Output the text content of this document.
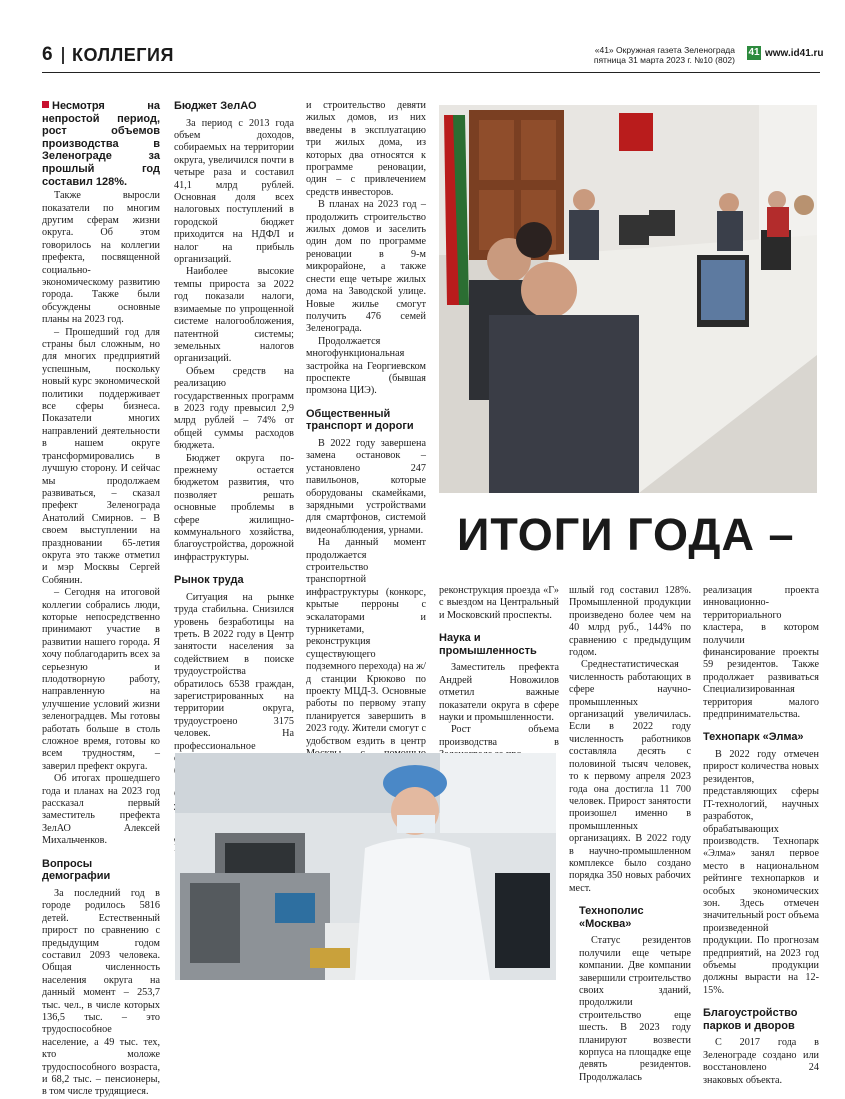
6 КОЛЛЕГИЯ	«41» Окружная газета Зеленограда
пятница 31 марта 2023 г. №10 (802)
41 www.id41.ru
Несмотря на непростой период, рост объемов производства в Зеленограде за прошлый год составил 128%.

Также выросли показатели по многим другим сферам жизни округа. Об этом говорилось на коллегии префекта, посвященной социально-экономическому развитию города. Также были обсуждены основные планы на 2023 год.

– Прошедший год для страны был сложным, но для многих предприятий успешным, поскольку новый курс экономической политики поддерживает все сферы бизнеса. Показатели многих направлений деятельности в нашем округе трансформировались в лучшую сторону. И сейчас мы продолжаем развиваться, – сказал префект Зеленограда Анатолий Смирнов. – В своем выступлении на праздновании 65-летия округа это также отметил и мэр Москвы Сергей Собянин.

– Сегодня на итоговой коллегии собрались люди, которые непосредственно принимают участие в развитии нашего города. Я хочу поблагодарить всех за серьезную и плодотворную работу, направленную на улучшение условий жизни зеленоградцев. Мы готовы работать больше в столь сложное время, готовы ко всем трудностям, – заверил префект округа.

Об итогах прошедшего года и планах на 2023 год рассказал первый заместитель префекта ЗелАО Алексей Михальченков.

Вопросы демографии

За последний год в городе родилось 5816 детей. Естественный прирост по сравнению с предыдущим годом составил 2093 человека. Общая численность населения округа на данный момент – 253,7 тыс. чел., в числе которых 136,5 тыс. – это трудоспособное население, а 49 тыс. тех, кто моложе трудоспособного возраста, и 68,2 тыс. – пенсионеры, в том числе трудящиеся.

Бюджет ЗелАО

За период с 2013 года объем доходов, собираемых на территории округа, увеличился почти в четыре раза и составил 41,1 млрд рублей. Основная доля всех налоговых поступлений в городской бюджет приходится на НДФЛ и налог на прибыль организаций.

Наиболее высокие темпы прироста за 2022 год показали налоги, взимаемые по упрощенной системе налогообложения, патентной системы; земельных налогов организаций.

Объем средств на реализацию государственных программ в 2023 году превысил 2,9 млрд рублей – 74% от общей суммы расходов бюджета.

Бюджет округа по-прежнему остается бюджетом развития, что позволяет решать основные проблемы в сфере жилищно-коммунального хозяйства, благоустройства, дорожной инфраструктуры.

Рынок труда

Ситуация на рынке труда стабильна. Снизился уровень безработицы на треть. В 2022 году в Центр занятости населения за содействием в поиске трудоустройства обратилось 6538 граждан, зарегистрированных на территории округа, трудоустроено 3175 человек. На профессиональное

и строительство девяти жилых домов, из них введены в эксплуатацию три жилых дома, из которых два относятся к программе реновации, один – с привлечением средств инвесторов.

В планах на 2023 год – продолжить строительство жилых домов и заселить один дом по программе реновации в 9-м микрорайоне, а также снести еще четыре жилых дома на Заводской улице. Новые жилье смогут получить 476 семей Зеленограда.

Продолжается многофункциональная застройка на Георгиевском проспекте (бывшая промзона ЦИЭ).

Общественный транспорт и дороги

В 2022 году завершена замена остановок – установлено 247 павильонов, которые оборудованы скамейками, зарядными устройствами для смартфонов, системой видеонаблюдения, урнами.

На данный момент продолжается строительство транспортной инфраструктуры (конкорс, крытые перроны с эскалаторами и турникетами, реконструкция существующего подземного перехода) на ж/д станции Крюково по проекту МЦД-3. Основные работы по первому этапу планируется завершить в 2023 году. Жители смогут с удобством ездить в центр

ИТОГИ ГОДА –

реконструкция проезда «Г» с выездом на Центральный и Московский проспекты.

Наука и промышленность

Заместитель префекта Андрей Новожилов отметил важные показатели округа в сфере науки и промышленности.

Рост объема производства в

шлый год составил 128%. Промышленной продукции произведено более чем на 40 млрд руб., 144% по сравнению с предыдущим годом.

Среднестатистическая численность работающих в сфере научно-промышленных организаций увеличилась. Если в 2022 году численность работников составляла десять с половиной тысяч человек, то к первому апреля 2023 года она достигла 11 700 человек. Прирост занятости произошел именно в промышленных организациях. В 2022 году в научно-промышленном комплексе было создано порядка 350 новых рабочих мест.

Технополис «Москва»

Статус резидентов получили еще четыре компании. Две компании завершили строительство своих зданий, продолжили строительство еще шесть. В 2023 году планируют возвести корпуса на площадке еще девять резидентов. Продолжалась

реализация проекта инновационно-территориального кластера, в котором получили финансирование проекты 59 резидентов. Также продолжает развиваться Специализированная территория малого предпринимательства.

Технопарк «Элма»

В 2022 году отмечен прирост количества новых резидентов, представляющих сферы IT-технологий, научных разработок, обрабатывающих производств. Технопарк «Элма» занял первое место в национальном рейтинге технопарков и особых экономических зон. Здесь отмечен значительный рост объема произведенной продукции. По прогнозам предприятий, на 2023 год объемы продукции должны вырасти на 12-15%.

Благоустройство парков и дворов

С 2017 года в Зеленограде создано или восстановлено 24 знаковых объекта.
